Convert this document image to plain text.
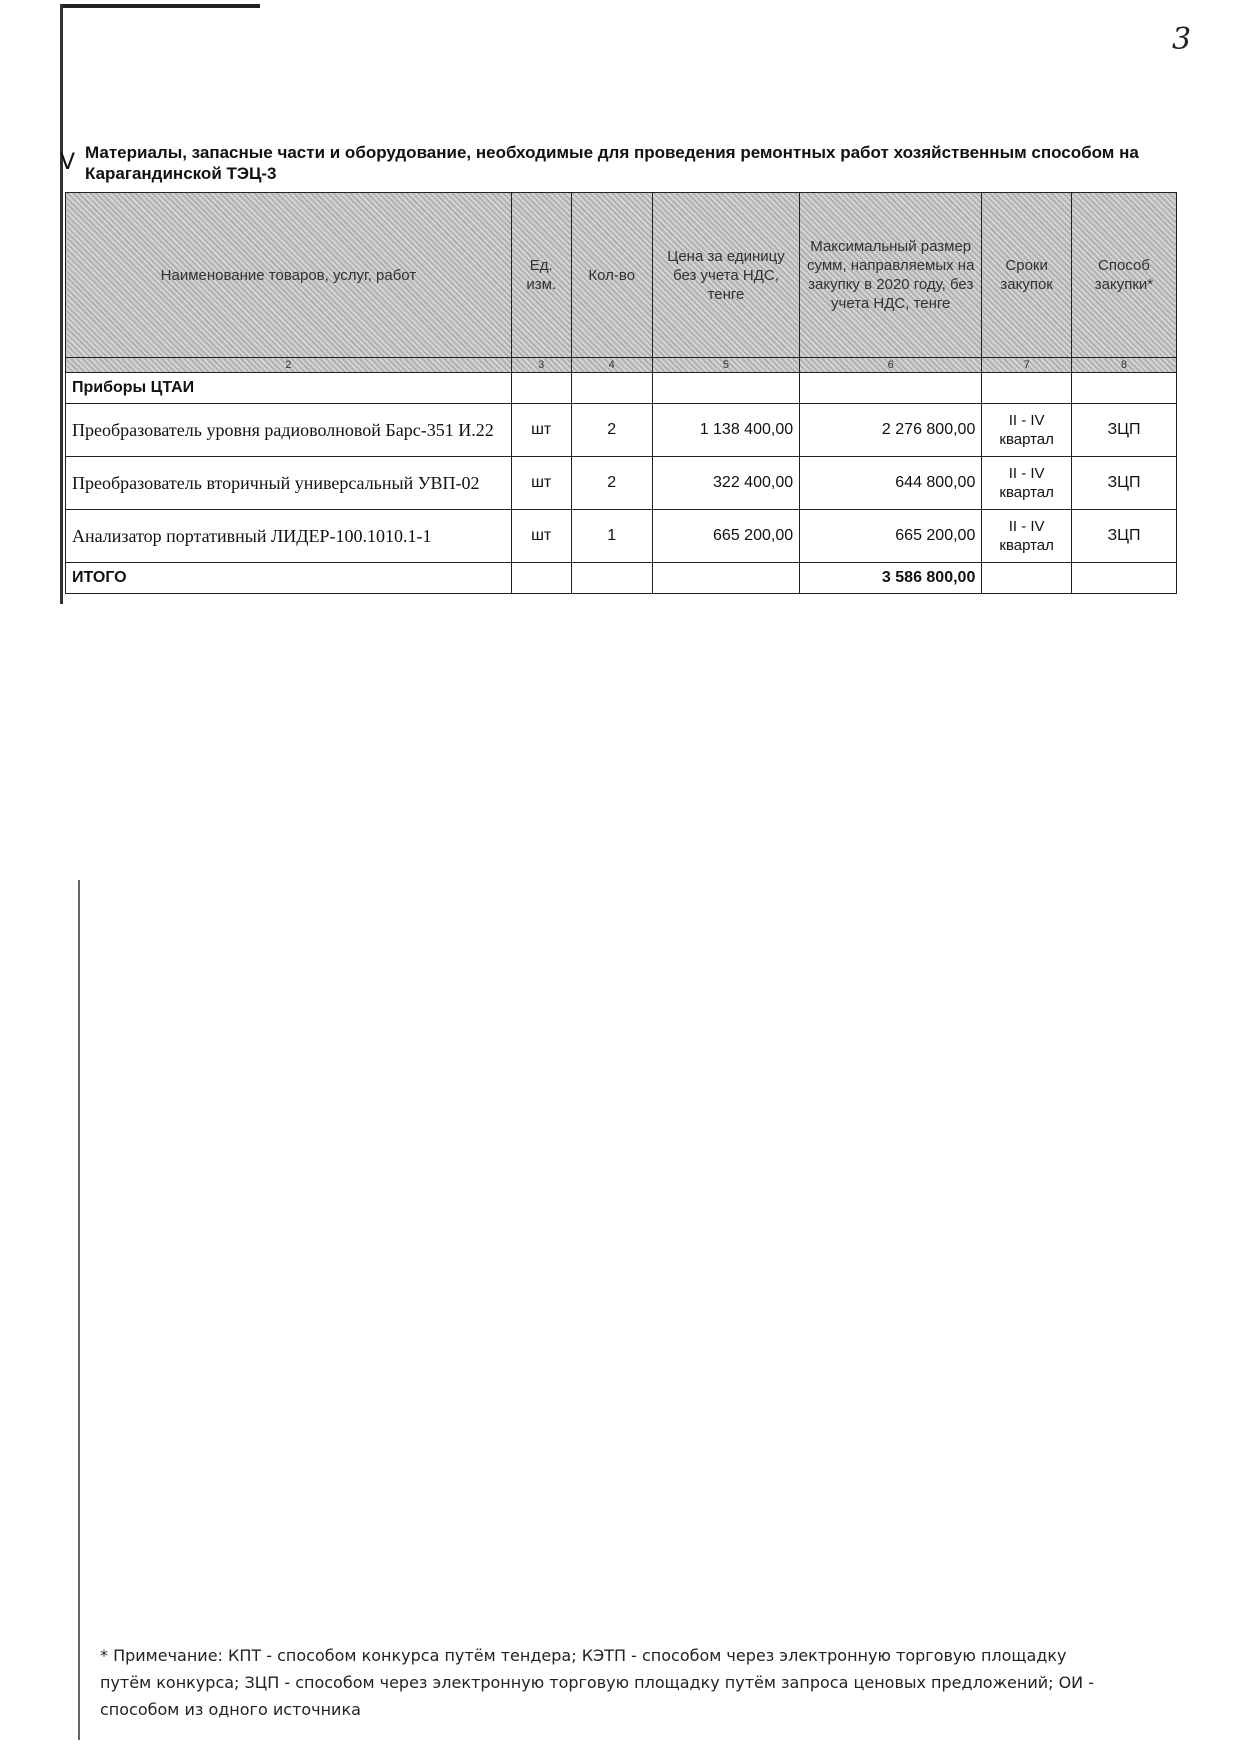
3
V Материалы, запасные части и оборудование, необходимые для проведения ремонтных работ хозяйственным способом на Карагандинской ТЭЦ-3
Наименование товаров, услуг, работ	Ед. изм.	Кол-во	Цена за единицу без учета НДС, тенге	Максимальный размер сумм, направляемых на закупку в 2020 году, без учета НДС, тенге	Сроки закупок	Способ закупки*
2	3	4	5	6	7	8
Приборы ЦТАИ						
Преобразователь уровня радиоволновой Барс-351 И.22	шт	2	1 138 400,00	2 276 800,00	II - IV квартал	ЗЦП
Преобразователь вторичный универсальный УВП-02	шт	2	322 400,00	644 800,00	II - IV квартал	ЗЦП
Анализатор портативный ЛИДЕР-100.1010.1-1	шт	1	665 200,00	665 200,00	II - IV квартал	ЗЦП
ИТОГО				3 586 800,00		
* Примечание: КПТ - способом конкурса путём тендера; КЭТП - способом через электронную торговую площадку путём конкурса; ЗЦП - способом через электронную торговую площадку путём запроса ценовых предложений; ОИ - способом из одного источника
